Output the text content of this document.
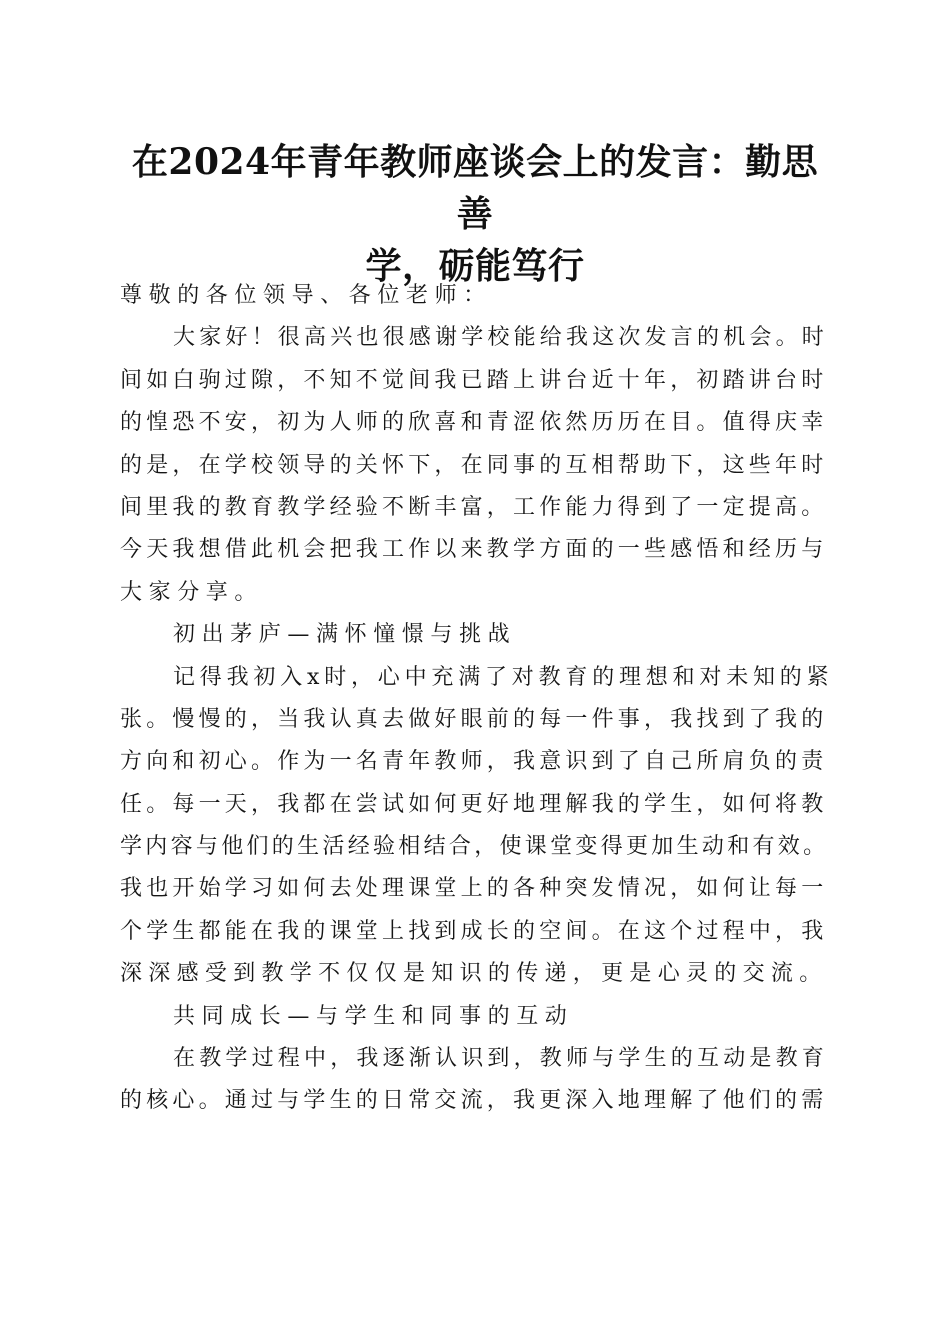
在2024年青年教师座谈会上的发言：勤思善
学，砺能笃行
尊敬的各位领导、各位老师：
大家好！很高兴也很感谢学校能给我这次发言的机会。时
间如白驹过隙，不知不觉间我已踏上讲台近十年，初踏讲台时
的惶恐不安，初为人师的欣喜和青涩依然历历在目。值得庆幸
的是，在学校领导的关怀下，在同事的互相帮助下，这些年时
间里我的教育教学经验不断丰富，工作能力得到了一定提高。
今天我想借此机会把我工作以来教学方面的一些感悟和经历与
大家分享。
初出茅庐—满怀憧憬与挑战
记得我初入x时，心中充满了对教育的理想和对未知的紧
张。慢慢的，当我认真去做好眼前的每一件事，我找到了我的
方向和初心。作为一名青年教师，我意识到了自己所肩负的责
任。每一天，我都在尝试如何更好地理解我的学生，如何将教
学内容与他们的生活经验相结合，使课堂变得更加生动和有效。
我也开始学习如何去处理课堂上的各种突发情况，如何让每一
个学生都能在我的课堂上找到成长的空间。在这个过程中，我
深深感受到教学不仅仅是知识的传递，更是心灵的交流。
共同成长—与学生和同事的互动
在教学过程中，我逐渐认识到，教师与学生的互动是教育
的核心。通过与学生的日常交流，我更深入地理解了他们的需
